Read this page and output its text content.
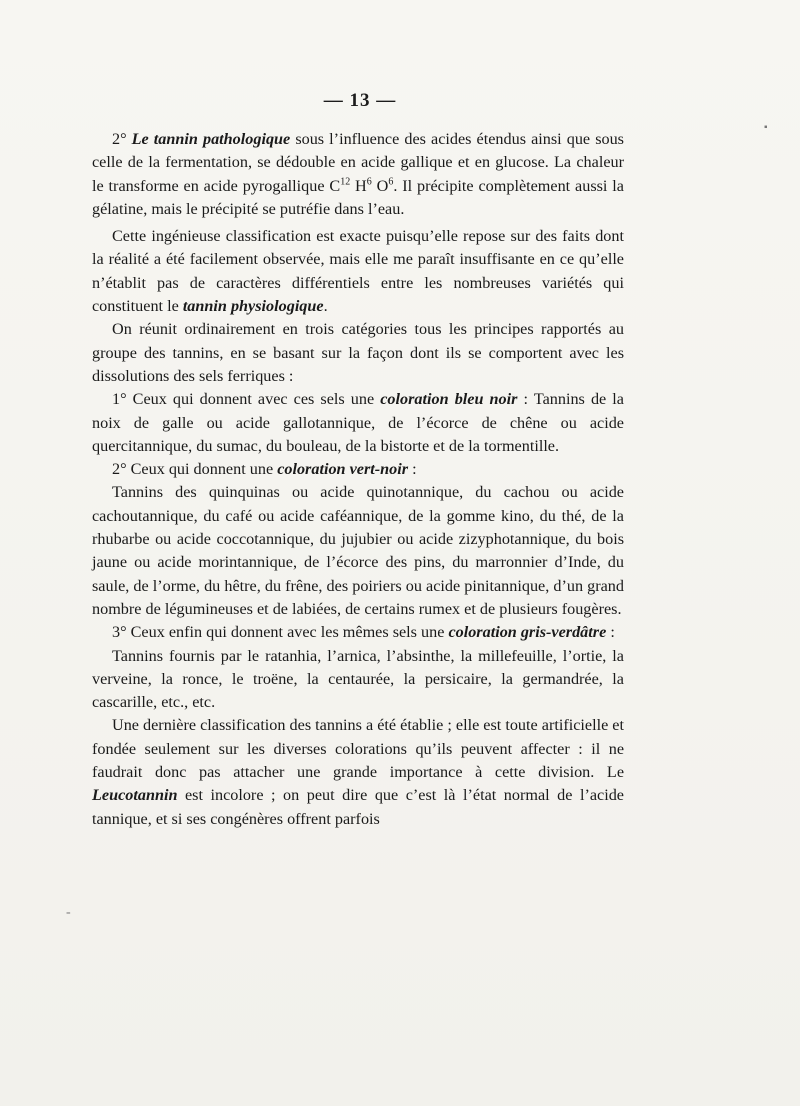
— 13 —
▪
-

2° Le tannin pathologique sous l’influence des acides étendus ainsi que sous celle de la fermentation, se dédouble en acide gallique et en glucose. La chaleur le transforme en acide pyrogallique $C^{12}$ $H^6$ $O^6$. Il précipite complètement aussi la gélatine, mais le précipité se putréfie dans l’eau.

Cette ingénieuse classification est exacte puisqu’elle repose sur des faits dont la réalité a été facilement observée, mais elle me paraît insuffisante en ce qu’elle n’établit pas de caractères différentiels entre les nombreuses variétés qui constituent le tannin physiologique.

On réunit ordinairement en trois catégories tous les principes rapportés au groupe des tannins, en se basant sur la façon dont ils se comportent avec les dissolutions des sels ferriques :

1° Ceux qui donnent avec ces sels une coloration bleu noir : Tannins de la noix de galle ou acide gallotannique, de l’écorce de chêne ou acide quercitannique, du sumac, du bouleau, de la bistorte et de la tormentille.

2° Ceux qui donnent une coloration vert-noir :

Tannins des quinquinas ou acide quinotannique, du cachou ou acide cachoutannique, du café ou acide caféannique, de la gomme kino, du thé, de la rhubarbe ou acide coccotannique, du jujubier ou acide zizyphotannique, du bois jaune ou acide morintannique, de l’écorce des pins, du marronnier d’Inde, du saule, de l’orme, du hêtre, du frêne, des poiriers ou acide pinitannique, d’un grand nombre de légumineuses et de labiées, de certains rumex et de plusieurs fougères.

3° Ceux enfin qui donnent avec les mêmes sels une coloration gris-verdâtre :

Tannins fournis par le ratanhia, l’arnica, l’absinthe, la millefeuille, l’ortie, la verveine, la ronce, le troëne, la centaurée, la persicaire, la germandrée, la cascarille, etc., etc.

Une dernière classification des tannins a été établie ; elle est toute artificielle et fondée seulement sur les diverses colorations qu’ils peuvent affecter : il ne faudrait donc pas attacher une grande importance à cette division. Le Leucotannin est incolore ; on peut dire que c’est là l’état normal de l’acide tannique, et si ses congénères offrent parfois
